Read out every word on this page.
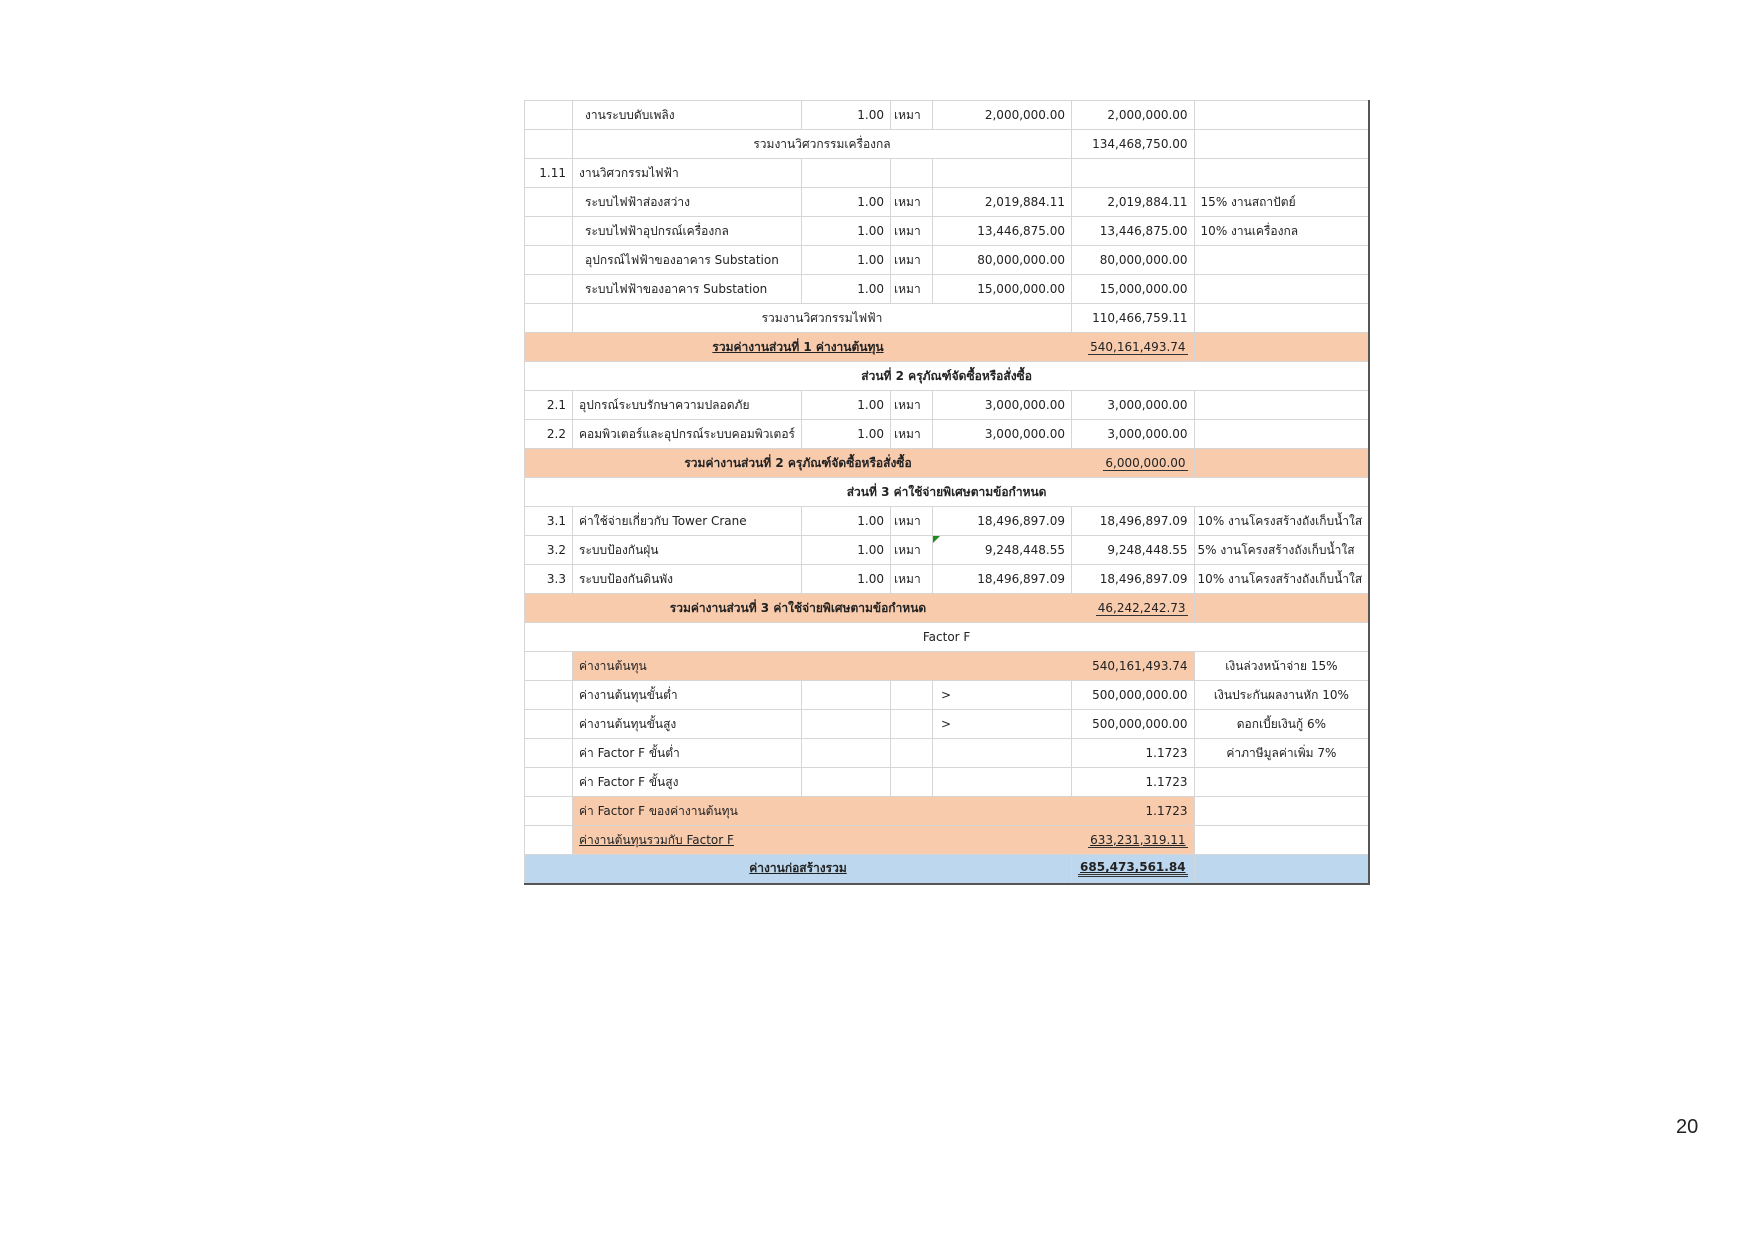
	งานระบบดับเพลิง	1.00	เหมา	2,000,000.00	2,000,000.00	
	รวมงานวิศวกรรมเครื่องกล				134,468,750.00	
1.11	งานวิศวกรรมไฟฟ้า					
	ระบบไฟฟ้าส่องสว่าง	1.00	เหมา	2,019,884.11	2,019,884.11	15% งานสถาปัตย์
	ระบบไฟฟ้าอุปกรณ์เครื่องกล	1.00	เหมา	13,446,875.00	13,446,875.00	10% งานเครื่องกล
	อุปกรณ์ไฟฟ้าของอาคาร Substation	1.00	เหมา	80,000,000.00	80,000,000.00	
	ระบบไฟฟ้าของอาคาร Substation	1.00	เหมา	15,000,000.00	15,000,000.00	
	รวมงานวิศวกรรมไฟฟ้า				110,466,759.11	
รวมค่างานส่วนที่ 1 ค่างานต้นทุน					540,161,493.74	
ส่วนที่ 2 ครุภัณฑ์จัดซื้อหรือสั่งซื้อ						
2.1	อุปกรณ์ระบบรักษาความปลอดภัย	1.00	เหมา	3,000,000.00	3,000,000.00	
2.2	คอมพิวเตอร์และอุปกรณ์ระบบคอมพิวเตอร์	1.00	เหมา	3,000,000.00	3,000,000.00	
รวมค่างานส่วนที่ 2 ครุภัณฑ์จัดซื้อหรือสั่งซื้อ					6,000,000.00	
ส่วนที่ 3 ค่าใช้จ่ายพิเศษตามข้อกำหนด						
3.1	ค่าใช้จ่ายเกี่ยวกับ Tower Crane	1.00	เหมา	18,496,897.09	18,496,897.09	10% งานโครงสร้างถังเก็บน้ำใส
3.2	ระบบป้องกันฝุ่น	1.00	เหมา	9,248,448.55	9,248,448.55	5% งานโครงสร้างถังเก็บน้ำใส
3.3	ระบบป้องกันดินพัง	1.00	เหมา	18,496,897.09	18,496,897.09	10% งานโครงสร้างถังเก็บน้ำใส
รวมค่างานส่วนที่ 3 ค่าใช้จ่ายพิเศษตามข้อกำหนด					46,242,242.73	
Factor F						
	ค่างานต้นทุน				540,161,493.74	เงินล่วงหน้าจ่าย 15%
	ค่างานต้นทุนขั้นต่ำ			>	500,000,000.00	เงินประกันผลงานหัก 10%
	ค่างานต้นทุนขั้นสูง			>	500,000,000.00	ดอกเบี้ยเงินกู้ 6%
	ค่า Factor F ขั้นต่ำ				1.1723	ค่าภาษีมูลค่าเพิ่ม 7%
	ค่า Factor F ขั้นสูง				1.1723	
	ค่า Factor F ของค่างานต้นทุน				1.1723	
	ค่างานต้นทุนรวมกับ Factor F				633,231,319.11	
ค่างานก่อสร้างรวม					685,473,561.84	
20
